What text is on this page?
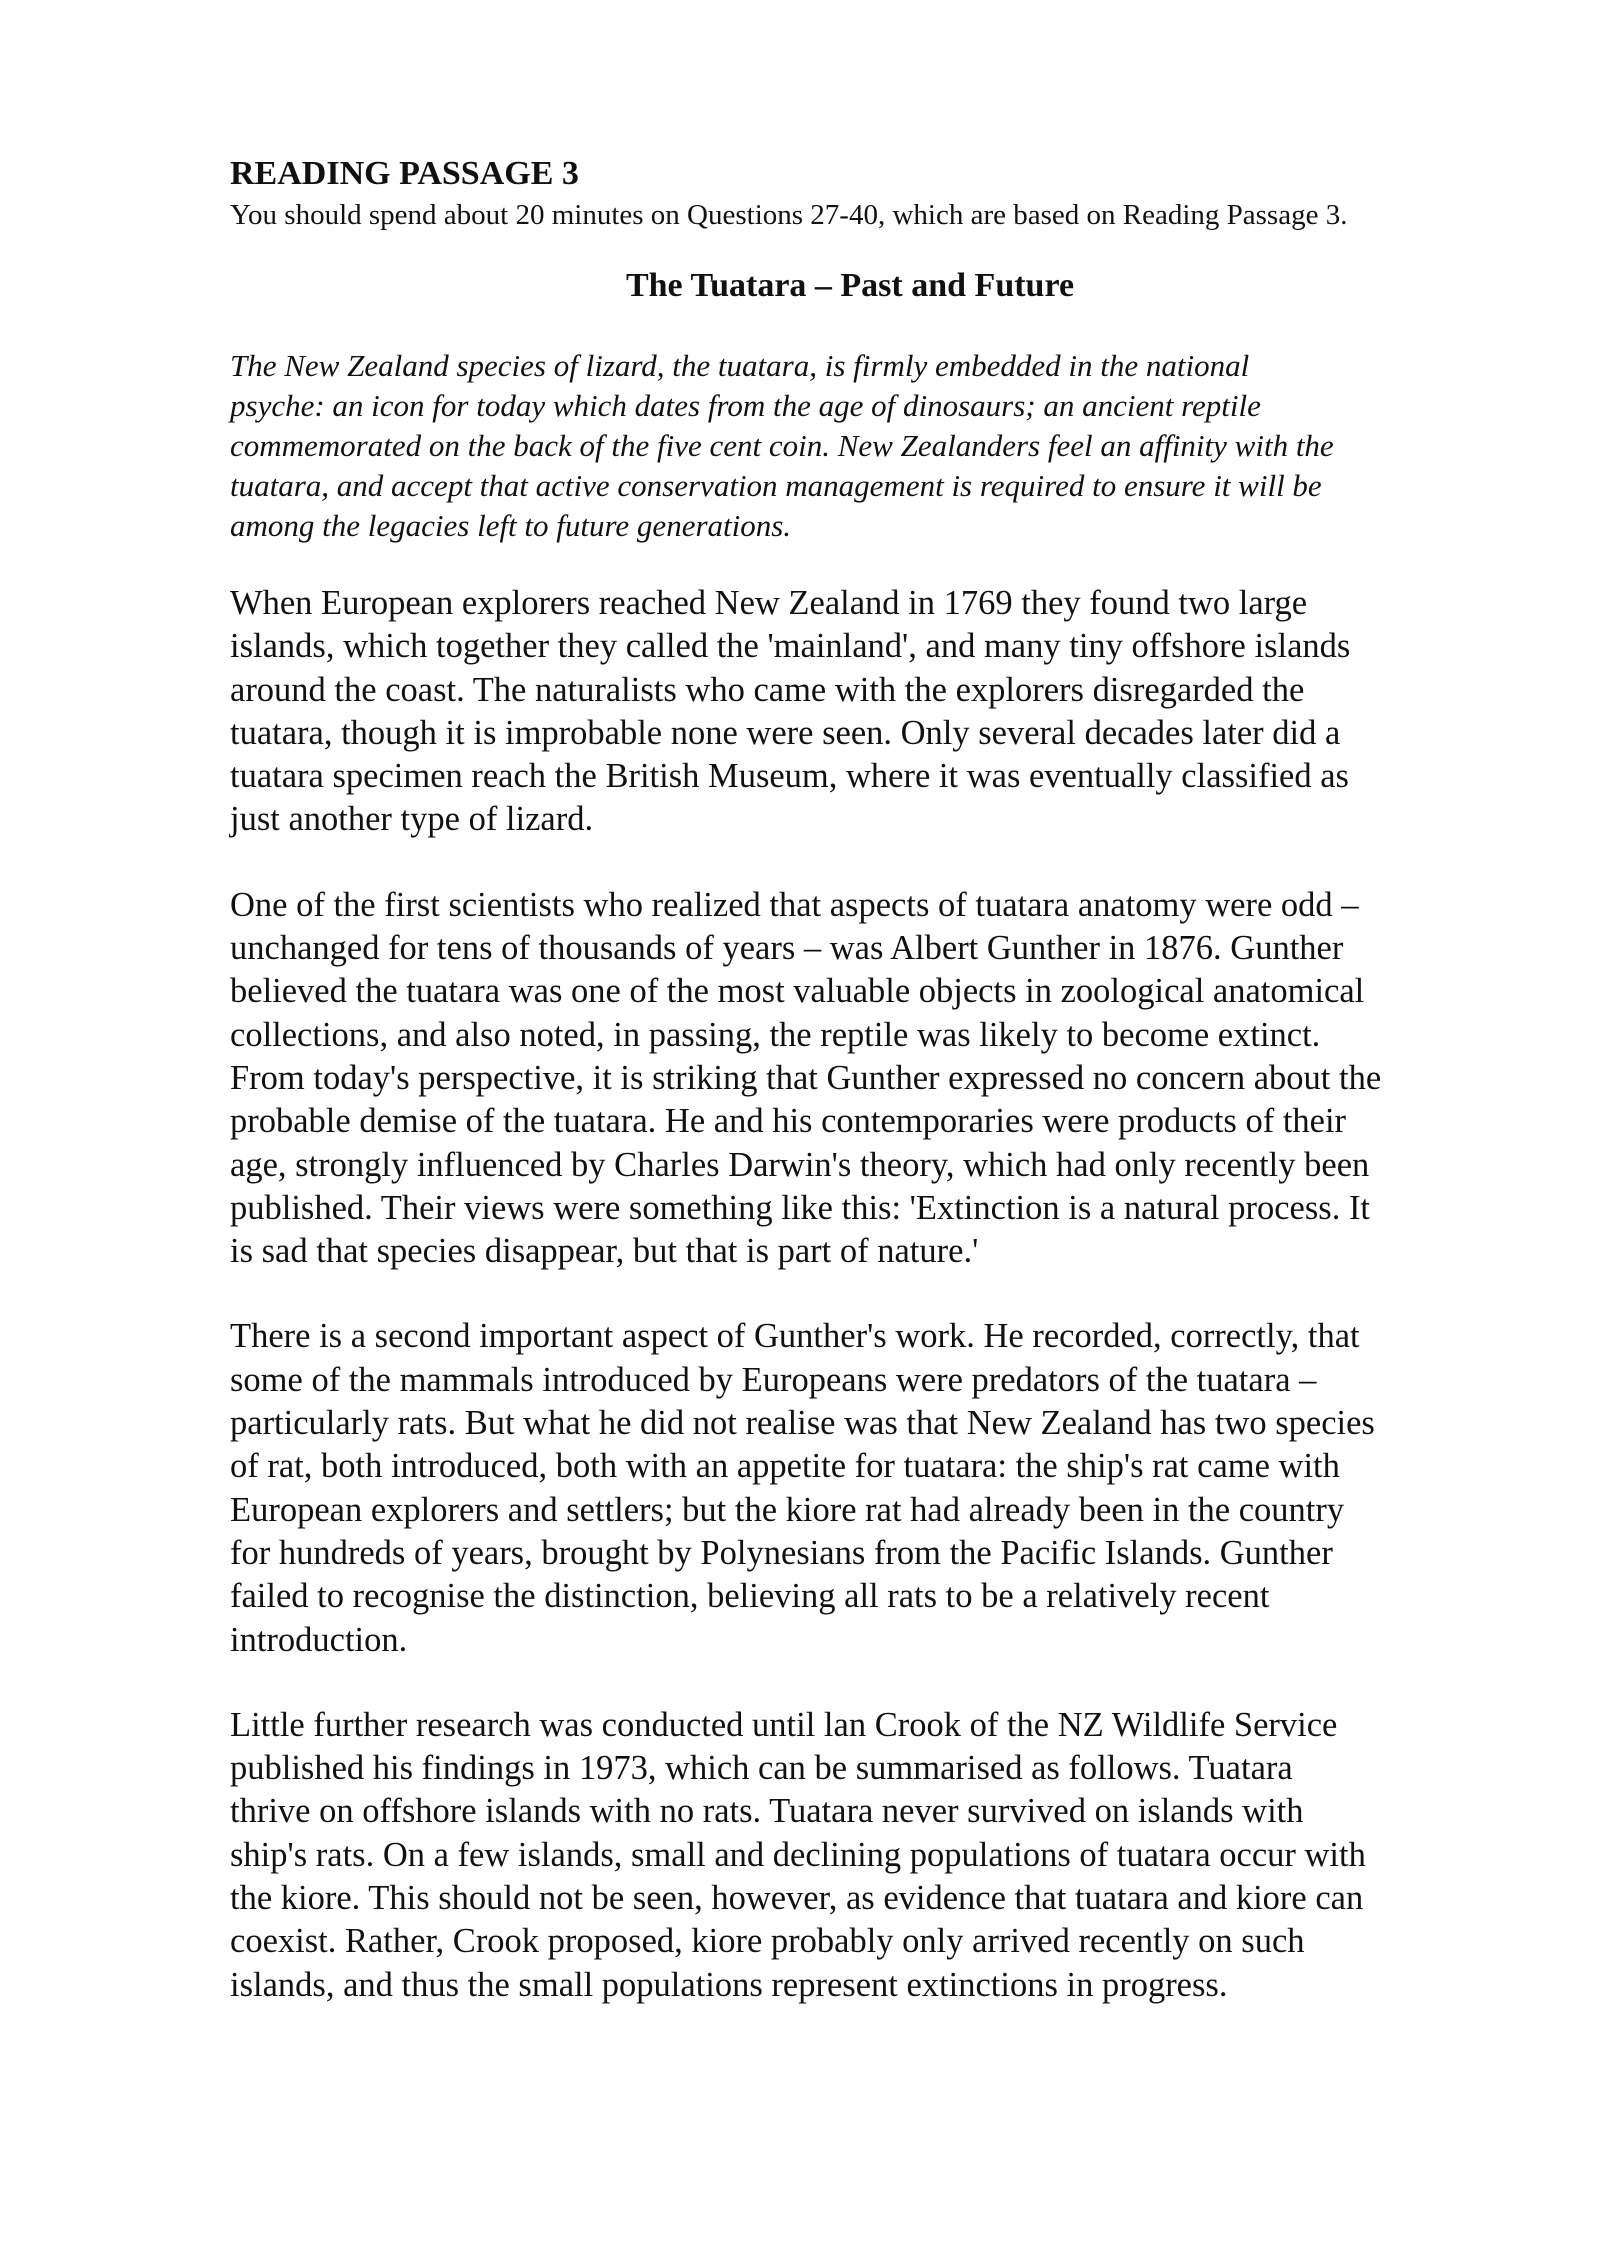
READING PASSAGE 3

You should spend about 20 minutes on Questions 27-40, which are based on Reading Passage 3.

The Tuatara – Past and Future

The New Zealand species of lizard, the tuatara, is firmly embedded in the national
psyche: an icon for today which dates from the age of dinosaurs; an ancient reptile
commemorated on the back of the five cent coin. New Zealanders feel an affinity with the
tuatara, and accept that active conservation management is required to ensure it will be
among the legacies left to future generations.

When European explorers reached New Zealand in 1769 they found two large
islands, which together they called the 'mainland', and many tiny offshore islands
around the coast. The naturalists who came with the explorers disregarded the
tuatara, though it is improbable none were seen. Only several decades later did a
tuatara specimen reach the British Museum, where it was eventually classified as
just another type of lizard.

One of the first scientists who realized that aspects of tuatara anatomy were odd –
unchanged for tens of thousands of years – was Albert Gunther in 1876. Gunther
believed the tuatara was one of the most valuable objects in zoological anatomical
collections, and also noted, in passing, the reptile was likely to become extinct.
From today's perspective, it is striking that Gunther expressed no concern about the
probable demise of the tuatara. He and his contemporaries were products of their
age, strongly influenced by Charles Darwin's theory, which had only recently been
published. Their views were something like this: 'Extinction is a natural process. It
is sad that species disappear, but that is part of nature.'

There is a second important aspect of Gunther's work. He recorded, correctly, that
some of the mammals introduced by Europeans were predators of the tuatara –
particularly rats. But what he did not realise was that New Zealand has two species
of rat, both introduced, both with an appetite for tuatara: the ship's rat came with
European explorers and settlers; but the kiore rat had already been in the country
for hundreds of years, brought by Polynesians from the Pacific Islands. Gunther
failed to recognise the distinction, believing all rats to be a relatively recent
introduction.

Little further research was conducted until lan Crook of the NZ Wildlife Service
published his findings in 1973, which can be summarised as follows. Tuatara
thrive on offshore islands with no rats. Tuatara never survived on islands with
ship's rats. On a few islands, small and declining populations of tuatara occur with
the kiore. This should not be seen, however, as evidence that tuatara and kiore can
coexist. Rather, Crook proposed, kiore probably only arrived recently on such
islands, and thus the small populations represent extinctions in progress.
